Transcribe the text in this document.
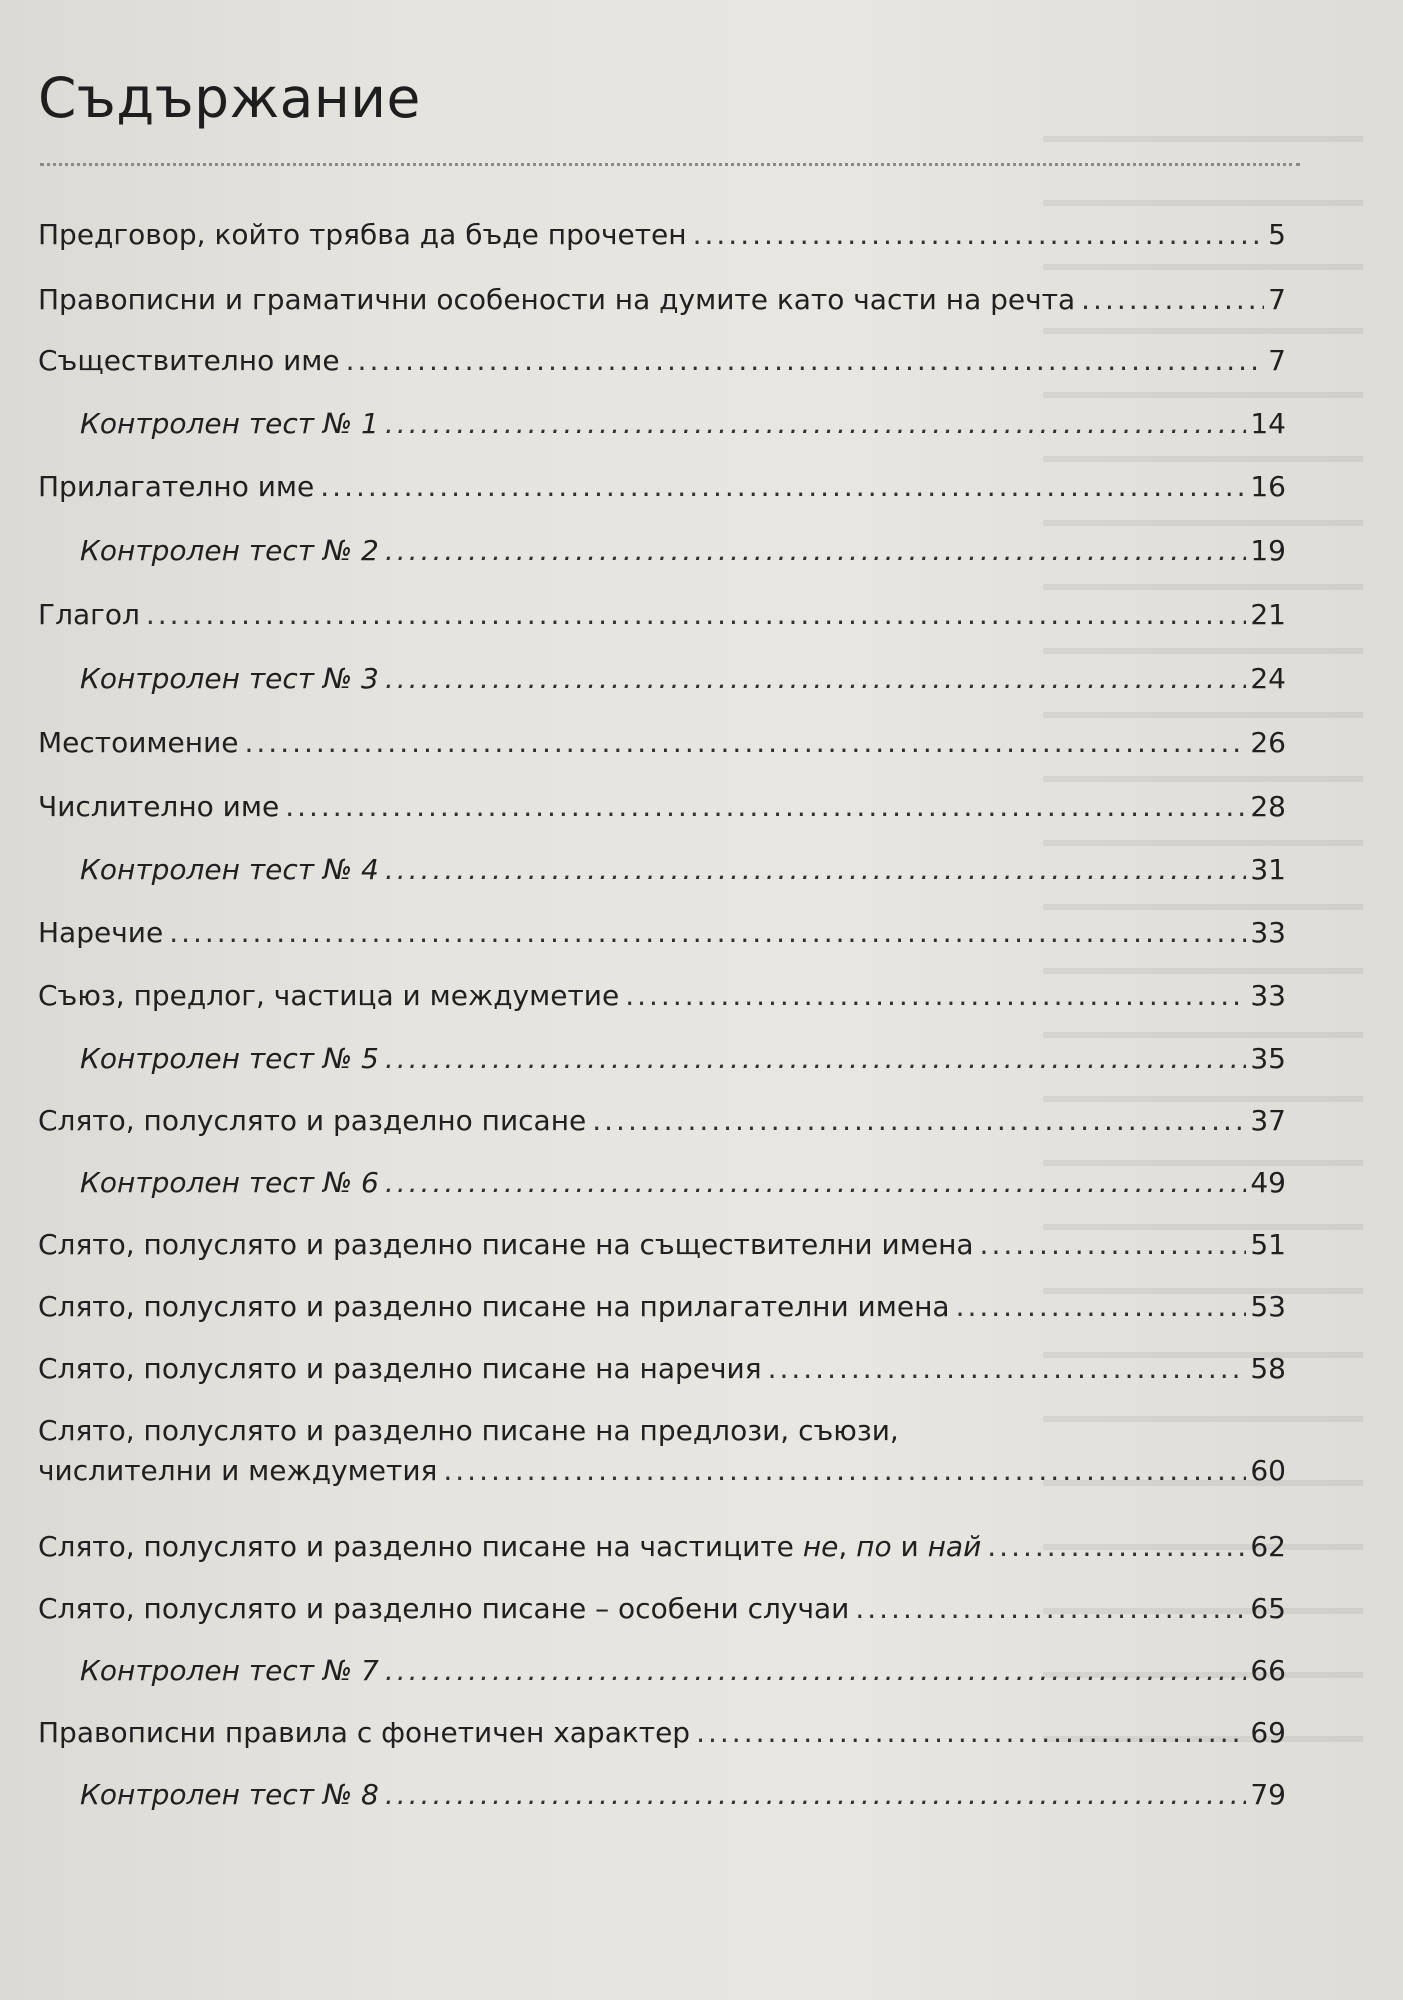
Съдържание
Предговор, който трябва да бъде прочетен .....	5
Правописни и граматични особености на думите като части на речта .....	7
Съществително име .....	7
Контролен тест № 1 .....	14
Прилагателно име .....	16
Контролен тест № 2 .....	19
Глагол .....	21
Контролен тест № 3 .....	24
Местоимение .....	26
Числително име .....	28
Контролен тест № 4 .....	31
Наречие .....	33
Съюз, предлог, частица и междуметие .....	33
Контролен тест № 5 .....	35
Слято, полуслято и разделно писане .....	37
Контролен тест № 6 .....	49
Слято, полуслято и разделно писане на съществителни имена .....	51
Слято, полуслято и разделно писане на прилагателни имена .....	53
Слято, полуслято и разделно писане на наречия .....	58
Слято, полуслято и разделно писане на предлози, съюзи,
числителни и междуметия .....	60
Слято, полуслято и разделно писане на частиците не, по и най .....	62
Слято, полуслято и разделно писане – особени случаи .....	65
Контролен тест № 7 .....	66
Правописни правила с фонетичен характер .....	69
Контролен тест № 8 .....	79
